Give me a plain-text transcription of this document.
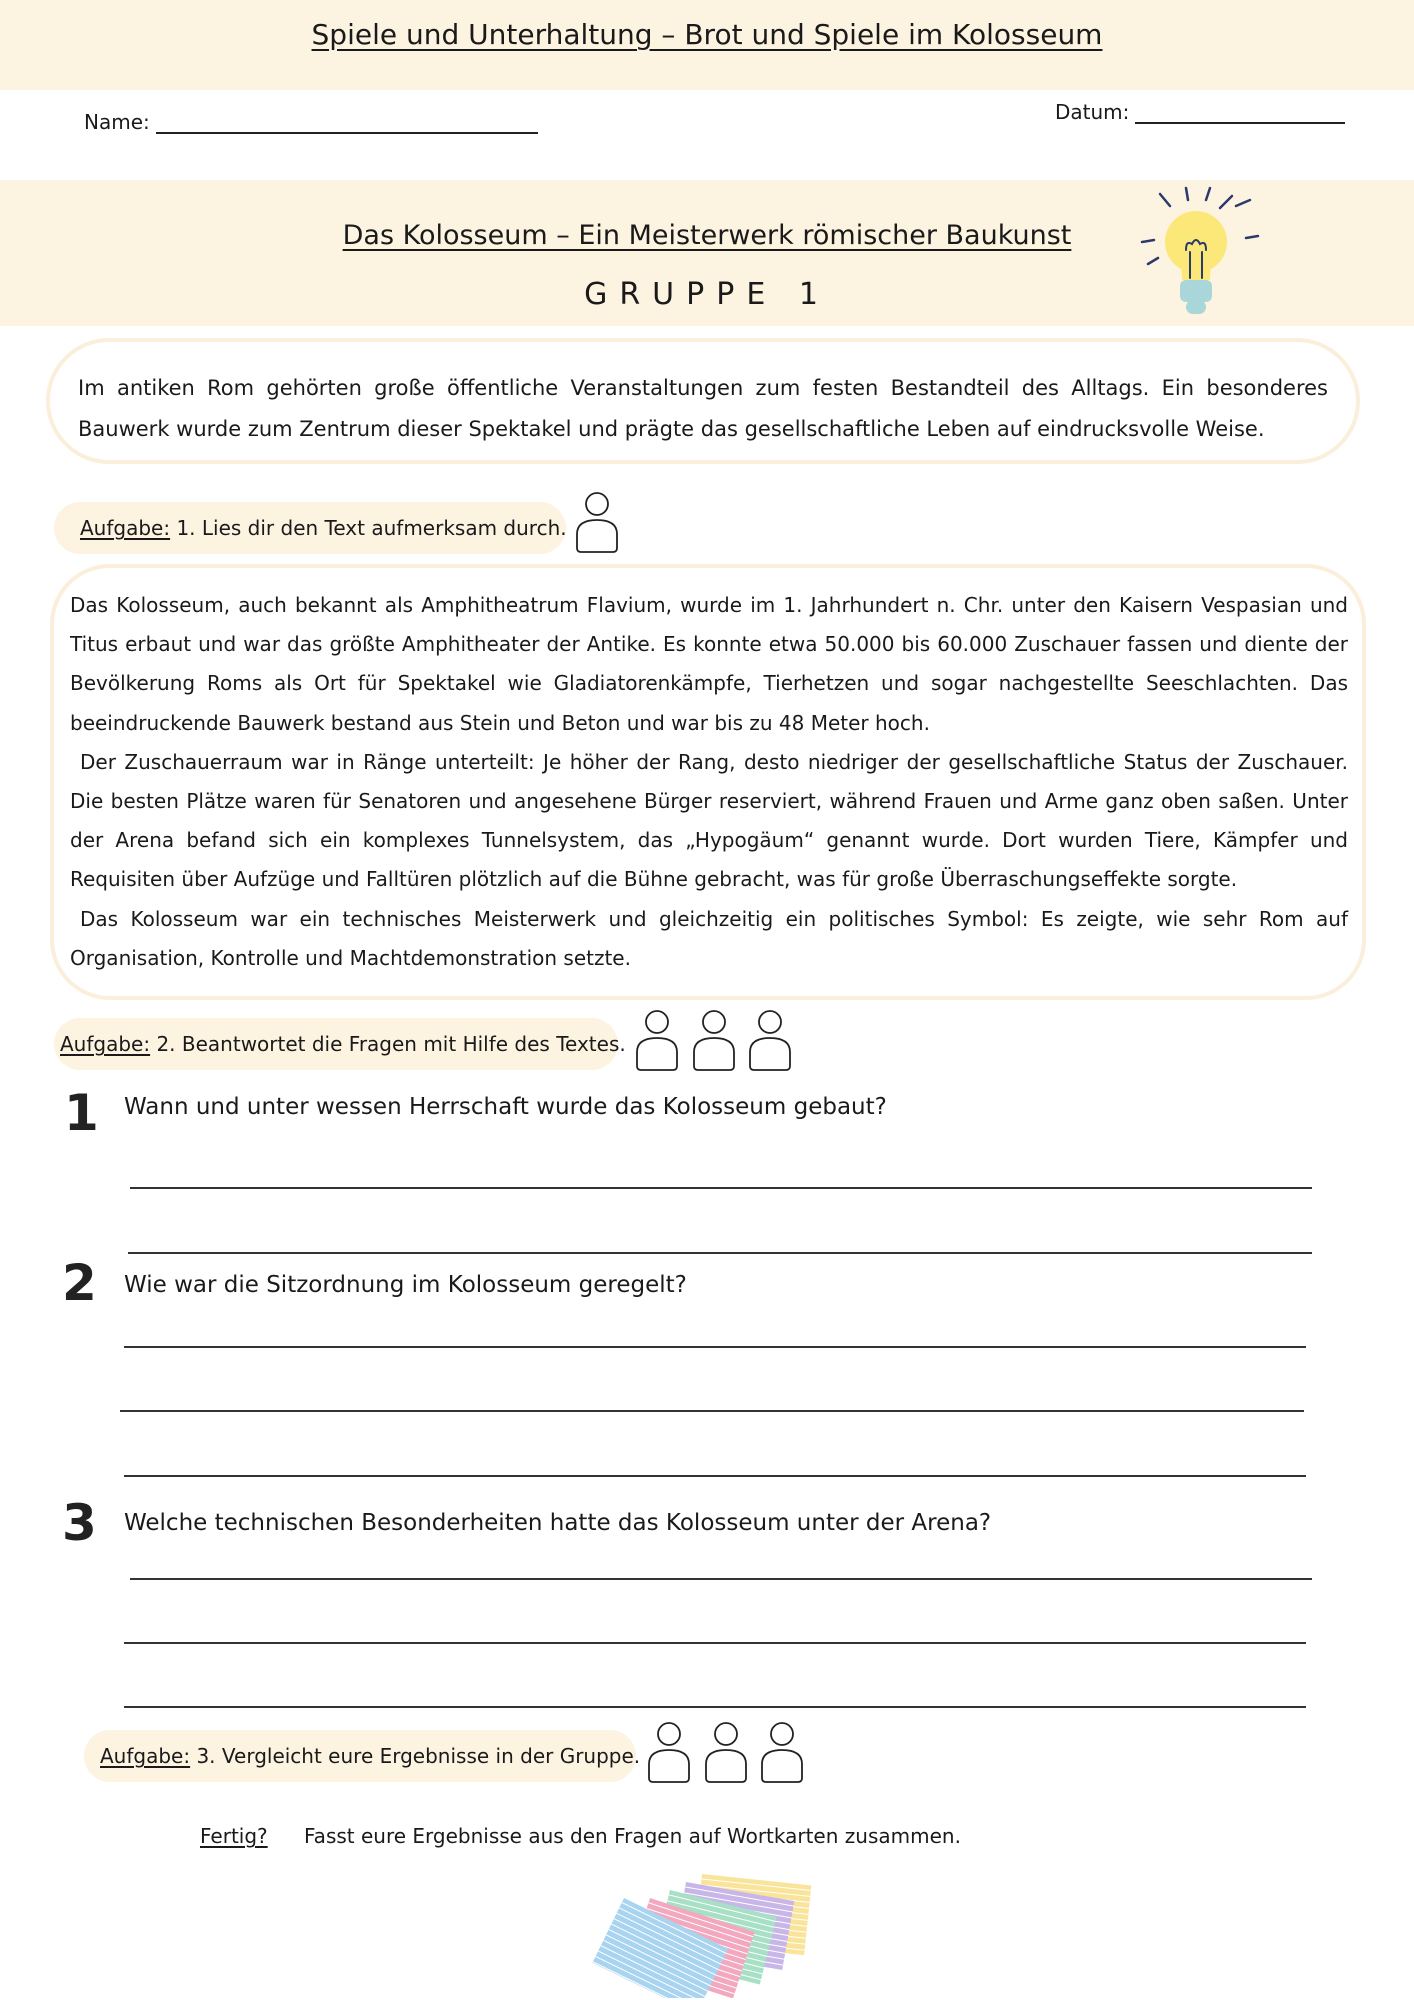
Spiele und Unterhaltung – Brot und Spiele im Kolosseum
Name:	Datum:
Das Kolosseum – Ein Meisterwerk römischer Baukunst
GRUPPE 1
Im antiken Rom gehörten große öffentliche Veranstaltungen zum festen Bestandteil des Alltags. Ein besonderes Bauwerk wurde zum Zentrum dieser Spektakel und prägte das gesellschaftliche Leben auf eindrucksvolle Weise.
Aufgabe: 1. Lies dir den Text aufmerksam durch.

Das Kolosseum, auch bekannt als Amphitheatrum Flavium, wurde im 1. Jahrhundert n. Chr. unter den Kaisern Vespasian und Titus erbaut und war das größte Amphitheater der Antike. Es konnte etwa 50.000 bis 60.000 Zuschauer fassen und diente der Bevölkerung Roms als Ort für Spektakel wie Gladiatorenkämpfe, Tierhetzen und sogar nachgestellte Seeschlachten. Das beeindruckende Bauwerk bestand aus Stein und Beton und war bis zu 48 Meter hoch.

Der Zuschauerraum war in Ränge unterteilt: Je höher der Rang, desto niedriger der gesellschaftliche Status der Zuschauer. Die besten Plätze waren für Senatoren und angesehene Bürger reserviert, während Frauen und Arme ganz oben saßen. Unter der Arena befand sich ein komplexes Tunnelsystem, das „Hypogäum“ genannt wurde. Dort wurden Tiere, Kämpfer und Requisiten über Aufzüge und Falltüren plötzlich auf die Bühne gebracht, was für große Überraschungseffekte sorgte.

Das Kolosseum war ein technisches Meisterwerk und gleichzeitig ein politisches Symbol: Es zeigte, wie sehr Rom auf Organisation, Kontrolle und Machtdemonstration setzte.

Aufgabe: 2. Beantwortet die Fragen mit Hilfe des Textes.
1 Wann und unter wessen Herrschaft wurde das Kolosseum gebaut?
2 Wie war die Sitzordnung im Kolosseum geregelt?
3 Welche technischen Besonderheiten hatte das Kolosseum unter der Arena?
Aufgabe: 3. Vergleicht eure Ergebnisse in der Gruppe.
Fertig? Fasst eure Ergebnisse aus den Fragen auf Wortkarten zusammen.
